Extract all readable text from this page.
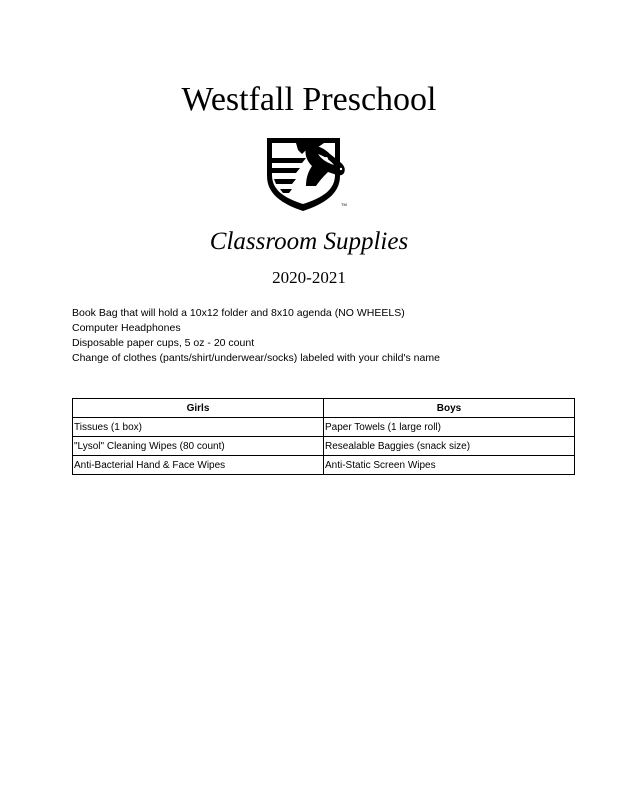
Westfall Preschool
TM
Classroom Supplies
2020-2021
Book Bag that will hold a 10x12 folder and 8x10 agenda (NO WHEELS)
Computer Headphones
Disposable paper cups, 5 oz - 20 count
Change of clothes (pants/shirt/underwear/socks) labeled with your child's name
Girls	Boys
Tissues (1 box)	Paper Towels (1 large roll)
"Lysol" Cleaning Wipes (80 count)	Resealable Baggies (snack size)
Anti-Bacterial Hand & Face Wipes	Anti-Static Screen Wipes
